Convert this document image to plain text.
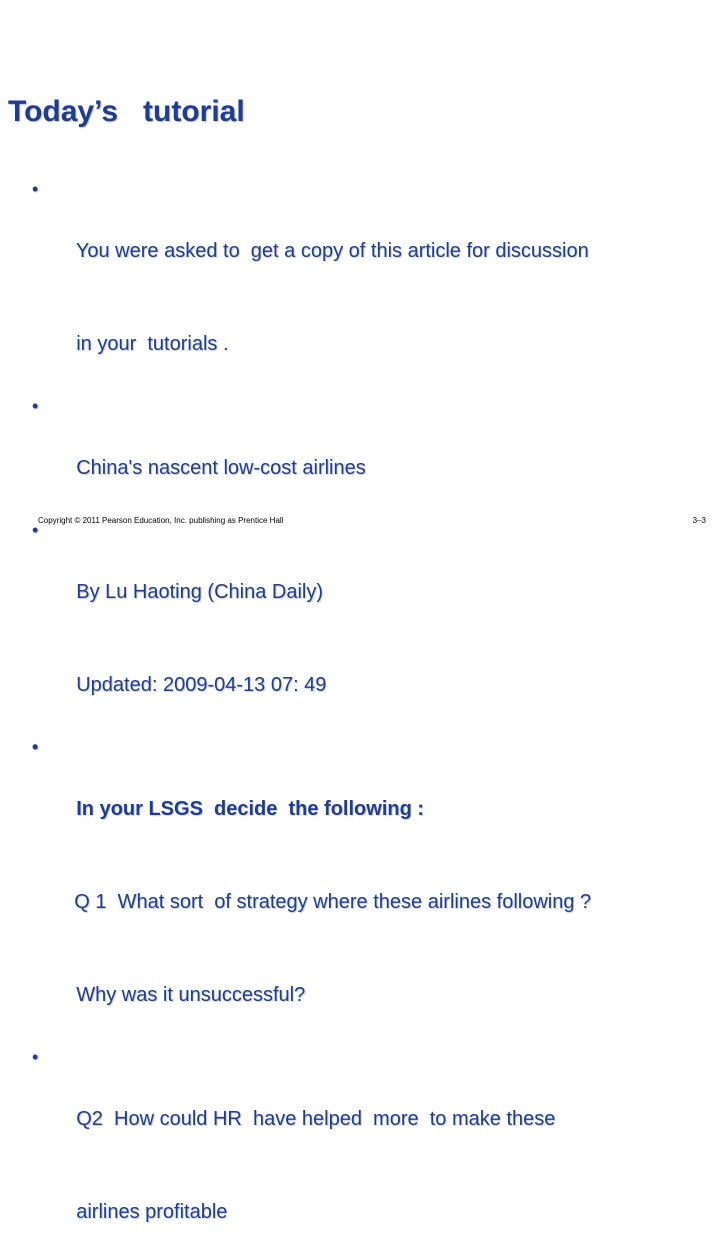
Today’s   tutorial

•

You were asked to  get a copy of this article for discussion

in your  tutorials .

•

China's nascent low-cost airlines

•

By Lu Haoting (China Daily)

Updated: 2009-04-13 07: 49

•

In your LSGS  decide  the following :

Q 1  What sort  of strategy where these airlines following ?

Why was it unsuccessful?

•

Q2  How could HR  have helped  more  to make these

airlines profitable

Copyright © 2011 Pearson Education, Inc. publishing as Prentice Hall	3–3
